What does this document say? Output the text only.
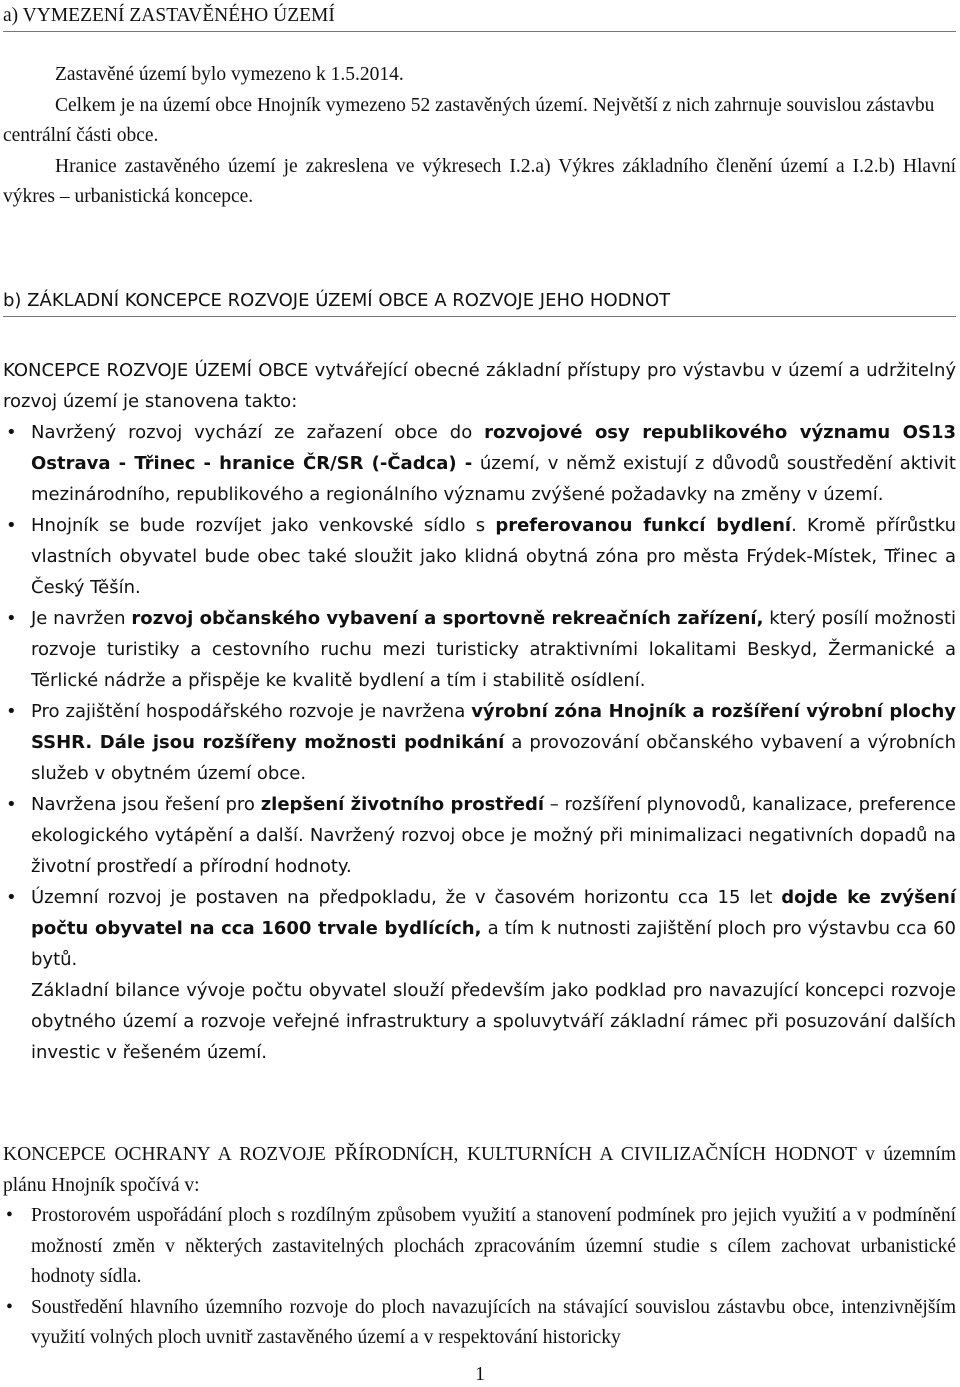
a) VYMEZENÍ ZASTAVĚNÉHO ÚZEMÍ

Zastavěné území bylo vymezeno k 1.5.2014.

Celkem je na území obce Hnojník vymezeno 52 zastavěných území. Největší z nich zahrnuje souvislou zástavbu centrální části obce.

Hranice zastavěného území je zakreslena ve výkresech I.2.a) Výkres základního členění území a I.2.b) Hlavní výkres – urbanistická koncepce.

b) ZÁKLADNÍ KONCEPCE ROZVOJE ÚZEMÍ OBCE A ROZVOJE JEHO HODNOT

KONCEPCE ROZVOJE ÚZEMÍ OBCE vytvářející obecné základní přístupy pro výstavbu v území a udržitelný rozvoj území je stanovena takto:

• Navržený rozvoj vychází ze zařazení obce do rozvojové osy republikového významu OS13 Ostrava - Třinec - hranice ČR/SR (-Čadca) - území, v němž existují z důvodů soustředění aktivit mezinárodního, republikového a regionálního významu zvýšené požadavky na změny v území.
• Hnojník se bude rozvíjet jako venkovské sídlo s preferovanou funkcí bydlení. Kromě přírůstku vlastních obyvatel bude obec také sloužit jako klidná obytná zóna pro města Frýdek-Místek, Třinec a Český Těšín.
• Je navržen rozvoj občanského vybavení a sportovně rekreačních zařízení, který posílí možnosti rozvoje turistiky a cestovního ruchu mezi turisticky atraktivními lokalitami Beskyd, Žermanické a Těrlické nádrže a přispěje ke kvalitě bydlení a tím i stabilitě osídlení.
• Pro zajištění hospodářského rozvoje je navržena výrobní zóna Hnojník a rozšíření výrobní plochy SSHR. Dále jsou rozšířeny možnosti podnikání a provozování občanského vybavení a výrobních služeb v obytném území obce.
• Navržena jsou řešení pro zlepšení životního prostředí – rozšíření plynovodů, kanalizace, preference ekologického vytápění a další. Navržený rozvoj obce je možný při minimalizaci negativních dopadů na životní prostředí a přírodní hodnoty.
• Územní rozvoj je postaven na předpokladu, že v časovém horizontu cca 15 let dojde ke zvýšení počtu obyvatel na cca 1600 trvale bydlících, a tím k nutnosti zajištění ploch pro výstavbu cca 60 bytů.

Základní bilance vývoje počtu obyvatel slouží především jako podklad pro navazující koncepci rozvoje obytného území a rozvoje veřejné infrastruktury a spoluvytváří základní rámec při posuzování dalších investic v řešeném území.

KONCEPCE OCHRANY A ROZVOJE PŘÍRODNÍCH, KULTURNÍCH A CIVILIZAČNÍCH HODNOT v územním plánu Hnojník spočívá v:

• Prostorovém uspořádání ploch s rozdílným způsobem využití a stanovení podmínek pro jejich využití a v podmínění možností změn v některých zastavitelných plochách zpracováním územní studie s cílem zachovat urbanistické hodnoty sídla.
• Soustředění hlavního územního rozvoje do ploch navazujících na stávající souvislou zástavbu obce, intenzivnějším využití volných ploch uvnitř zastavěného území a v respektování historicky
1
